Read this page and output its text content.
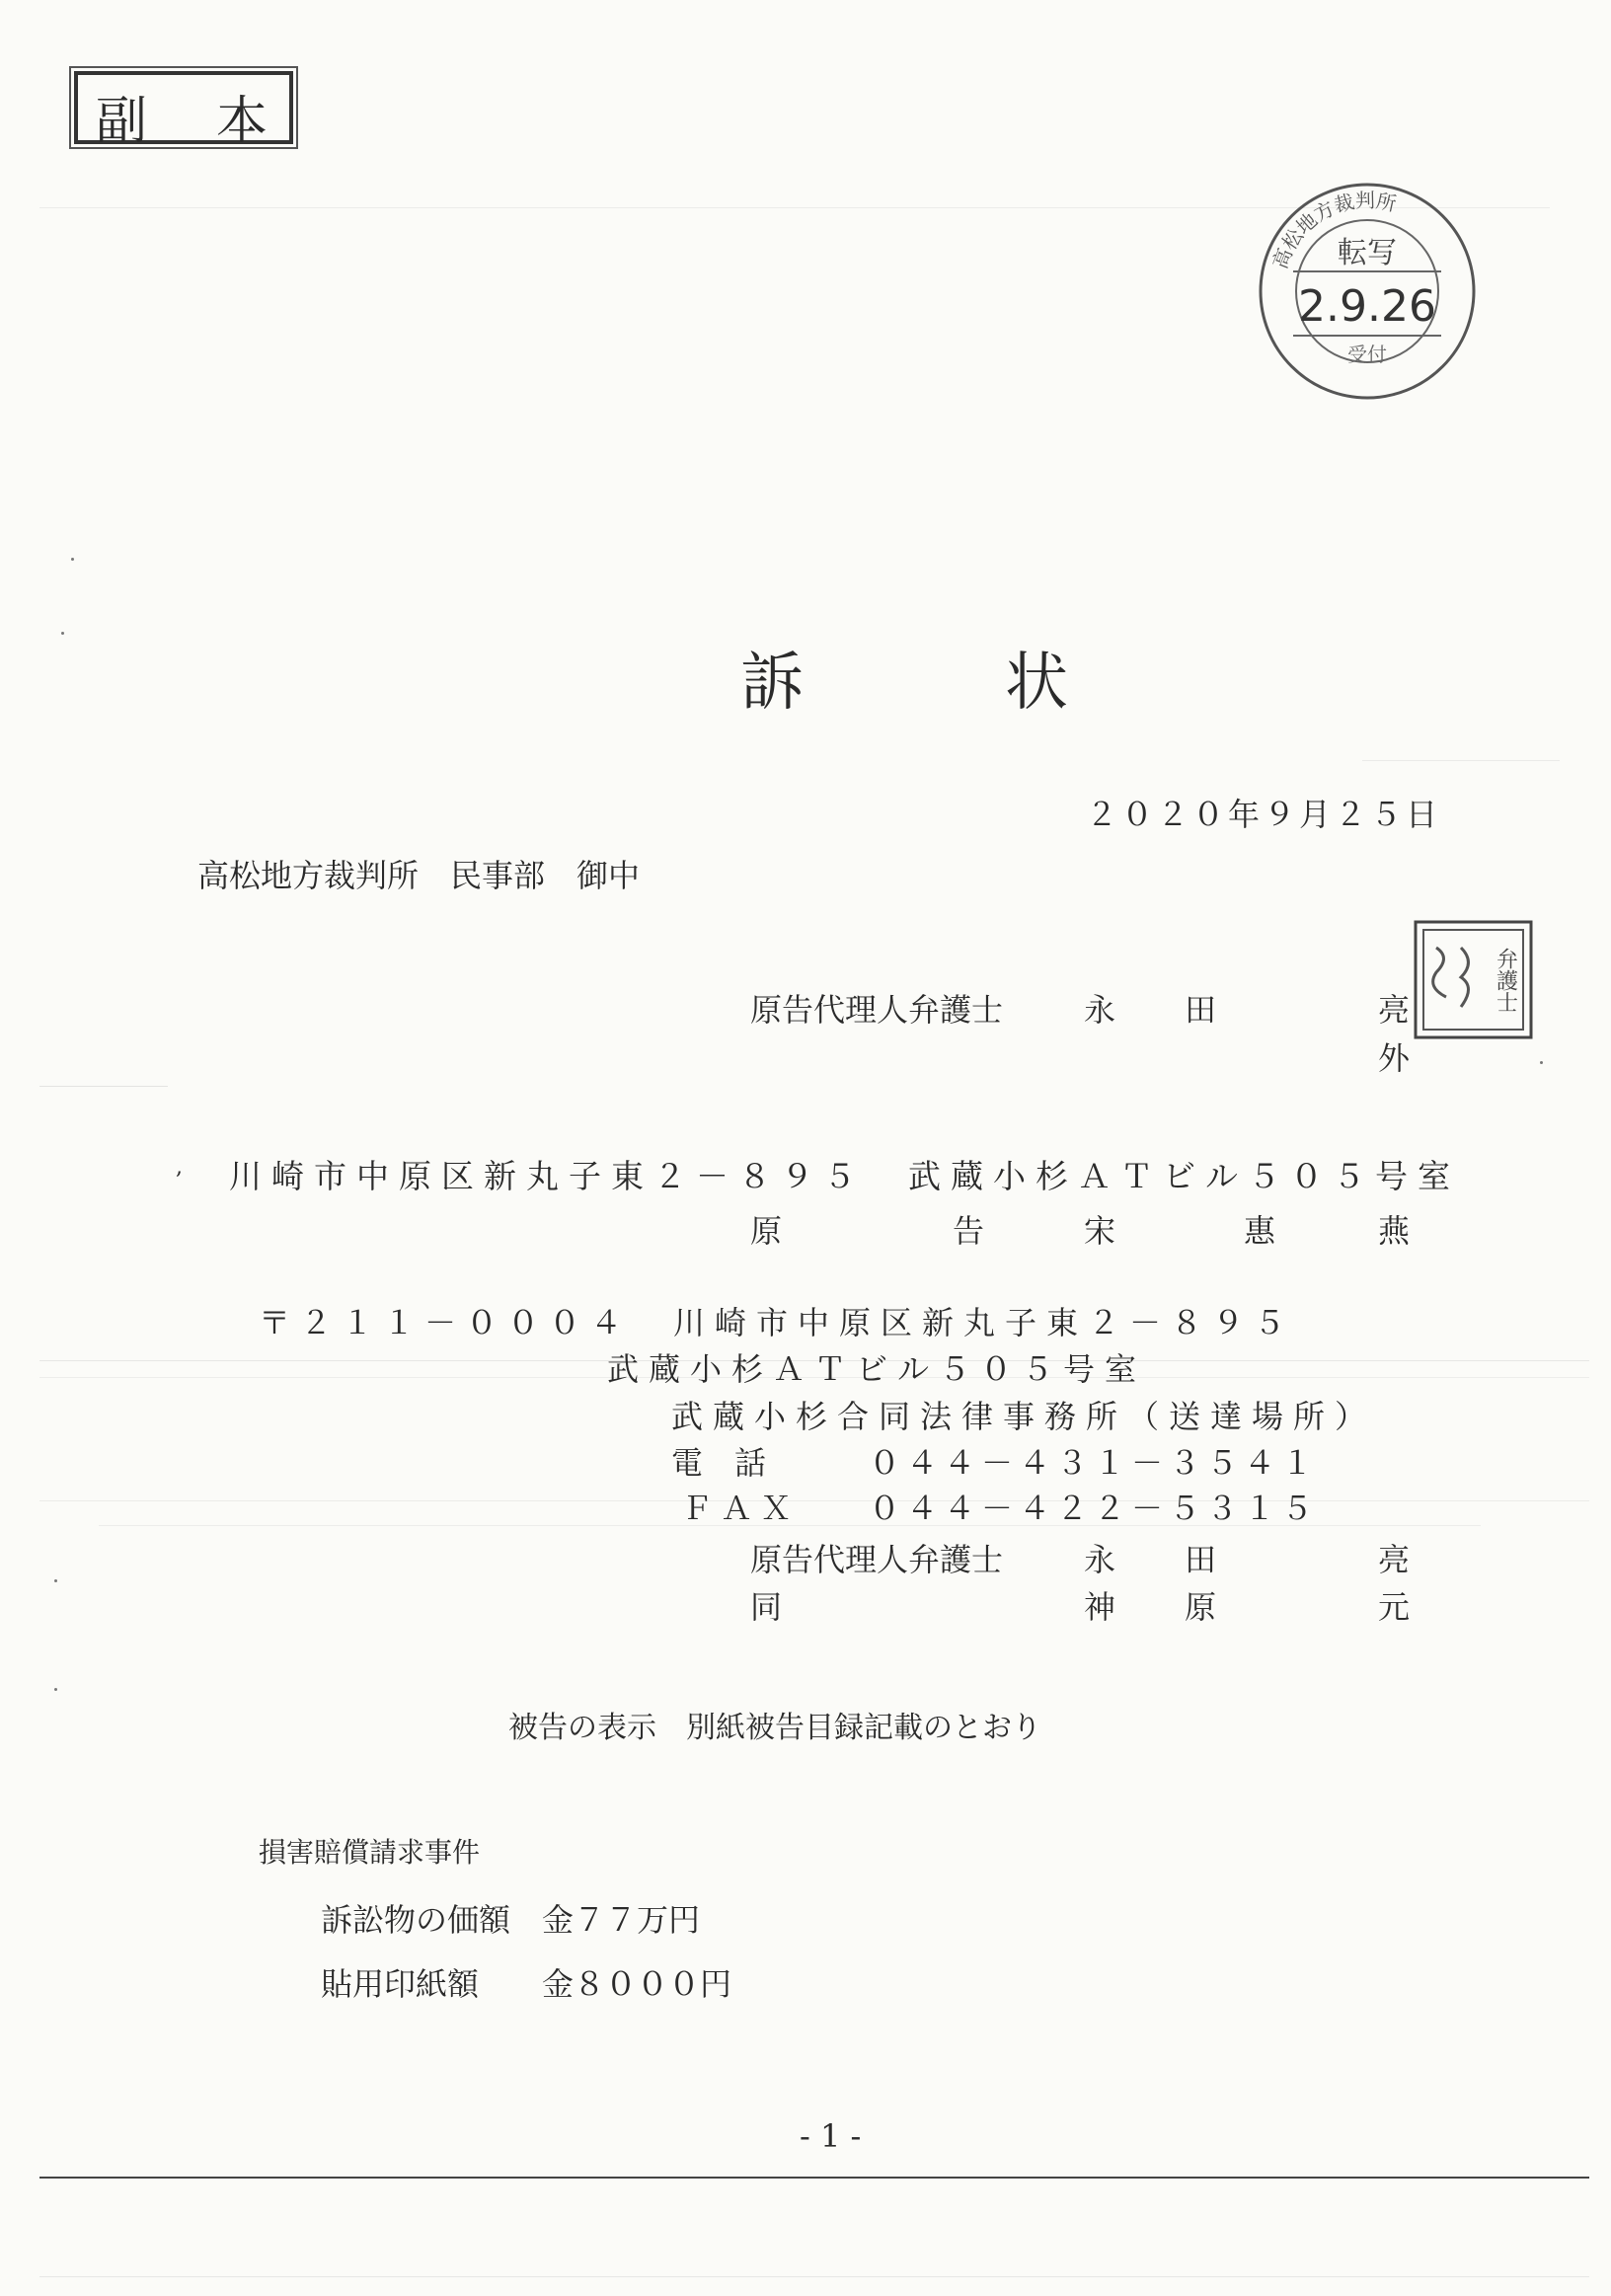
副 本
高松地方裁判所
転写
2.9.26
受付
弁護士
訴　状
２０２０年９月２５日
高松地方裁判所　民事部　御中
原告代理人弁護士	永 田	亮
外
, 川崎市中原区新丸子東２－８９５　武蔵小杉ＡＴビル５０５号室
原	告	宋	惠	燕
〒２１１－０００４　川崎市中原区新丸子東２－８９５
武蔵小杉ＡＴビル５０５号室
武蔵小杉合同法律事務所（送達場所）
電　話	０４４－４３１－３５４１
ＦＡＸ ０４４－４２２－５３１５
原告代理人弁護士	永 田	亮
同	神 原	元
被告の表示　別紙被告目録記載のとおり
損害賠償請求事件
訴訟物の価額　金７７万円
貼用印紙額　　金８０００円
- 1 -
